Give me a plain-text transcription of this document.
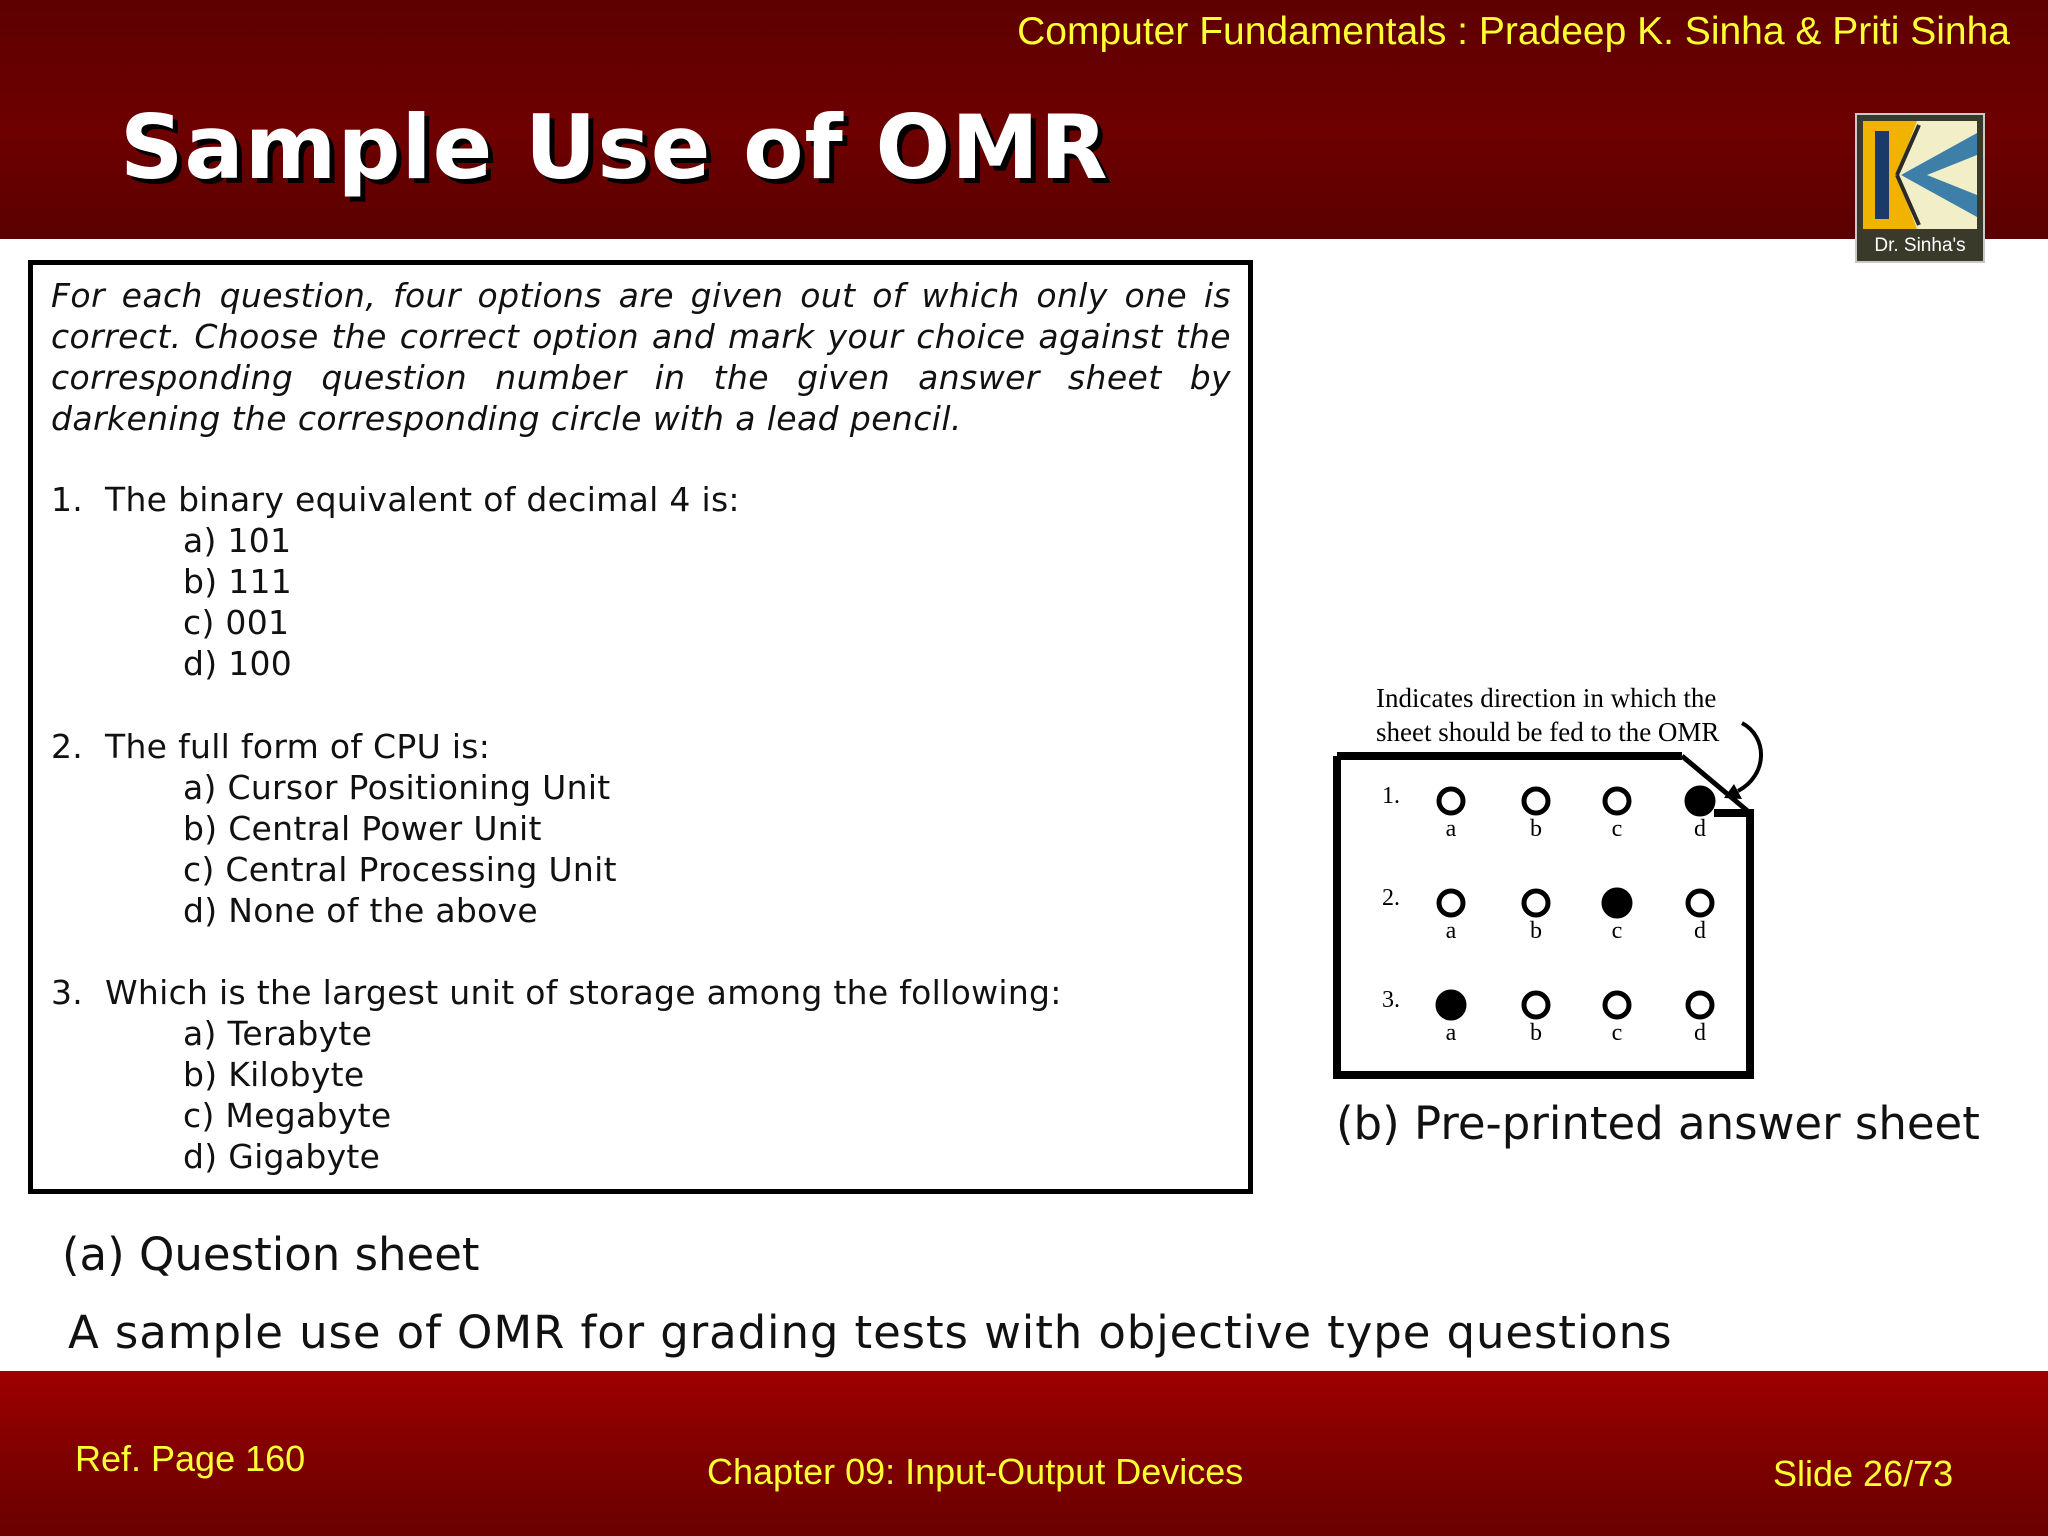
Computer Fundamentals : Pradeep K. Sinha & Priti Sinha
Sample Use of OMR
Dr. Sinha's
For each question, four options are given out of which only one is correct. Choose the correct option and mark your choice against the corresponding question number in the given answer sheet by darkening the corresponding circle with a lead pencil.
1. The binary equivalent of decimal 4 is:
a) 101
b) 111
c) 001
d) 100
2. The full form of CPU is:
a) Cursor Positioning Unit
b) Central Power Unit
c) Central Processing Unit
d) None of the above
3. Which is the largest unit of storage among the following:
a) Terabyte
b) Kilobyte
c) Megabyte
d) Gigabyte
(a) Question sheet
Indicates direction in which the
sheet should be fed to the OMR
1.
a	b	c	d
2.
a	b	c	d
3.
a	b	c	d
(b) Pre-printed answer sheet
A sample use of OMR for grading tests with objective type questions
Ref. Page 160	Chapter 09: Input-Output Devices	Slide 26/73
